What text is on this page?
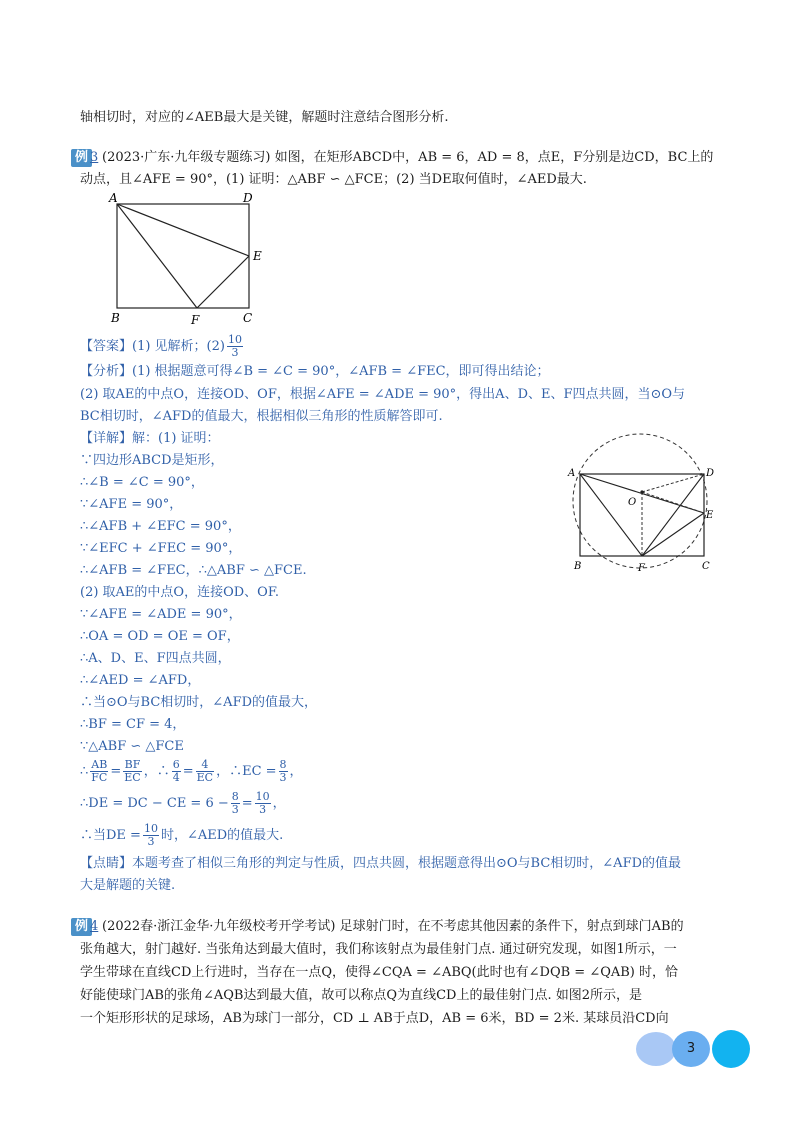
轴相切时，对应的∠AEB最大是关键，解题时注意结合图形分析.
例 3 (2023·广东·九年级专题练习) 如图，在矩形ABCD中，AB = 6，AD = 8，点E，F分别是边CD，BC上的
动点，且∠AFE = 90°，(1) 证明：△ABF ∽ △FCE；(2) 当DE取何值时，∠AED最大.
A	D
E
B	F	C
【答案】(1) 见解析；$(2) \frac{10}{3}$
【分析】(1) 根据题意可得∠B = ∠C = 90°，∠AFB = ∠FEC，即可得出结论；
(2) 取AE的中点O，连接OD、OF，根据∠AFE = ∠ADE = 90°，得出A、D、E、F四点共圆，当⊙O与
BC相切时，∠AFD的值最大，根据相似三角形的性质解答即可.
【详解】解：(1) 证明：
∵四边形ABCD是矩形，
∴∠B = ∠C = 90°，
∵∠AFE = 90°，
∴∠AFB + ∠EFC = 90°，
∵∠EFC + ∠FEC = 90°，
∴∠AFB = ∠FEC，∴△ABF ∽ △FCE.
(2) 取AE的中点O，连接OD、OF.
∵∠AFE = ∠ADE = 90°，
∴OA = OD = OE = OF，
∴A、D、E、F四点共圆，
∴∠AED = ∠AFD，
∴当⊙O与BC相切时，∠AFD的值最大，
∴BF = CF = 4，
∵△ABF ∽ △FCE
∴ $\frac{AB}{FC} = \frac{BF}{EC}$ ，∴ $\frac{6}{4} = \frac{4}{EC}$ ，∴EC = $\frac{8}{3}$ ，
∴DE = DC − CE = $6 - \frac{8}{3} = \frac{10}{3}$ ，
∴当DE = $\frac{10}{3}$ 时，∠AED的值最大.
【点睛】本题考查了相似三角形的判定与性质，四点共圆，根据题意得出⊙O与BC相切时，∠AFD的值最
大是解题的关键.
A	D
E
O
B	F	C
例 4 (2022春·浙江金华·九年级校考开学考试) 足球射门时，在不考虑其他因素的条件下，射点到球门AB的
张角越大，射门越好. 当张角达到最大值时，我们称该射点为最佳射门点. 通过研究发现，如图1所示，一
学生带球在直线CD上行进时，当存在一点Q，使得∠CQA = ∠ABQ(此时也有∠DQB = ∠QAB) 时，恰
好能使球门AB的张角∠AQB达到最大值，故可以称点Q为直线CD上的最佳射门点. 如图2所示，是
一个矩形形状的足球场，AB为球门一部分，CD ⊥ AB于点D，AB = 6米，BD = 2米. 某球员沿CD向
3
